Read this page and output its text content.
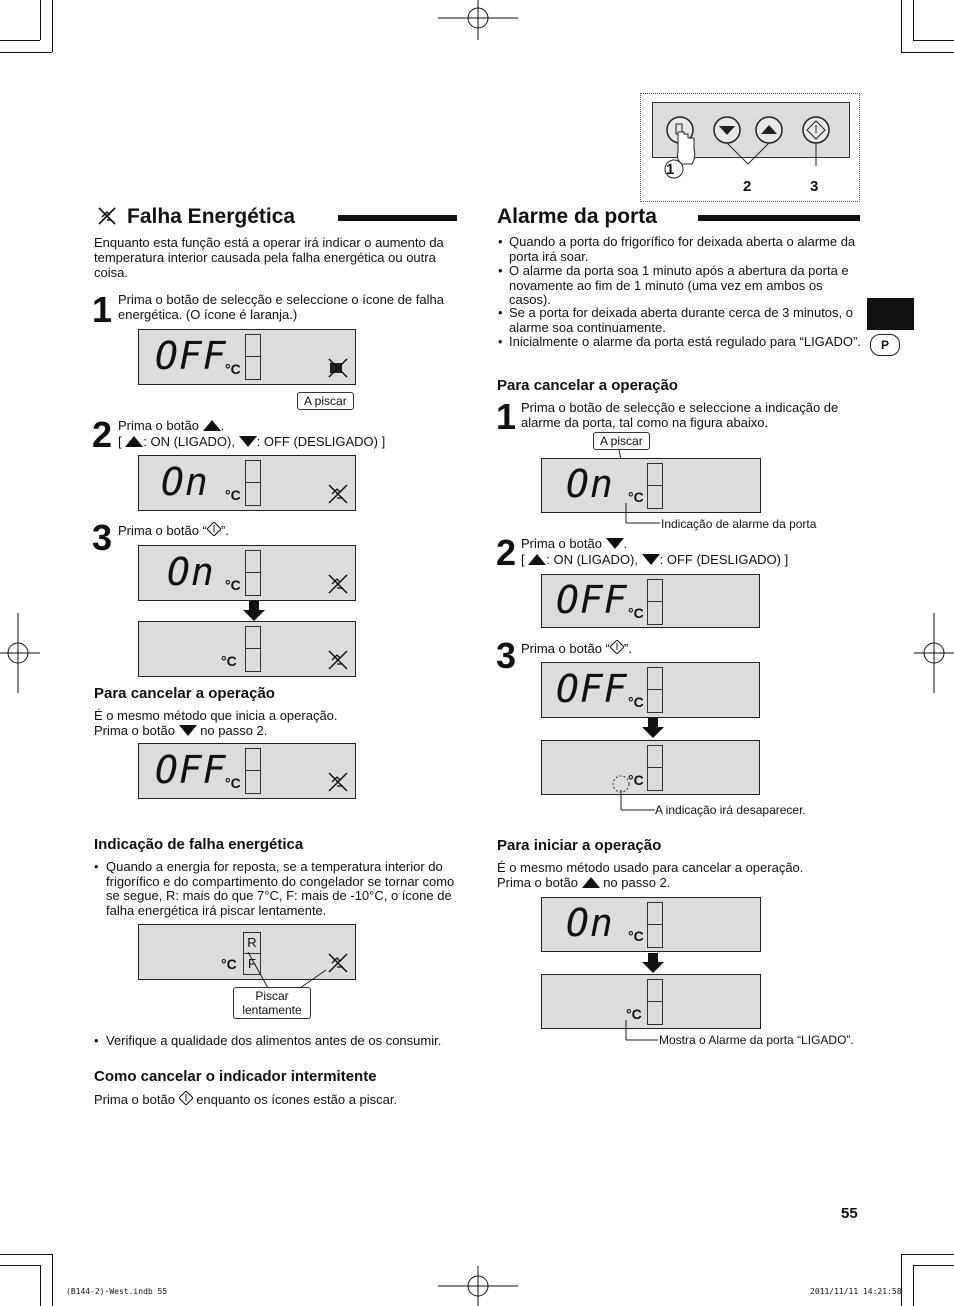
P
1
2	3
Falha Energética
Enquanto esta função está a operar irá indicar o aumento da temperatura interior causada pela falha energética ou outra coisa.
1 Prima o botão de selecção e seleccione o ícone de falha energética. (O ícone é laranja.)
OFF
°C
A piscar
2 Prima o botão .
[ : ON (LIGADO), : OFF (DESLIGADO) ]
On °C
3 Prima o botão “ ”.
On °C
°C
Para cancelar a operação
É o mesmo método que inicia a operação.
Prima o botão no passo 2.
OFF
°C
Indicação de falha energética
• Quando a energia for reposta, se a temperatura interior do frigorífico e do compartimento do congelador se tornar como se segue, R: mais do que 7°C, F: mais de -10°C, o ícone de falha energética irá piscar lentamente.
°C
R
F
Piscar lentamente
• Verifique a qualidade dos alimentos antes de os consumir.
Como cancelar o indicador intermitente
Prima o botão enquanto os ícones estão a piscar.
Alarme da porta
• Quando a porta do frigorífico for deixada aberta o alarme da porta irá soar.
• O alarme da porta soa 1 minuto após a abertura da porta e novamente ao fim de 1 minuto (uma vez em ambos os casos).
• Se a porta for deixada aberta durante cerca de 3 minutos, o alarme soa continuamente.
• Inicialmente o alarme da porta está regulado para “LIGADO”.
Para cancelar a operação
1 Prima o botão de selecção e seleccione a indicação de alarme da porta, tal como na figura abaixo.
A piscar
On °C
Indicação de alarme da porta
2 Prima o botão .
[ : ON (LIGADO), : OFF (DESLIGADO) ]
OFF °C
3 Prima o botão “ ”.
OFF °C
°C
A indicação irá desaparecer.
Para iniciar a operação
É o mesmo método usado para cancelar a operação.
Prima o botão no passo 2.
On °C
°C
Mostra o Alarme da porta “LIGADO”.
55
(B144-2)-West.indb 55	2011/11/11 14:21:58
